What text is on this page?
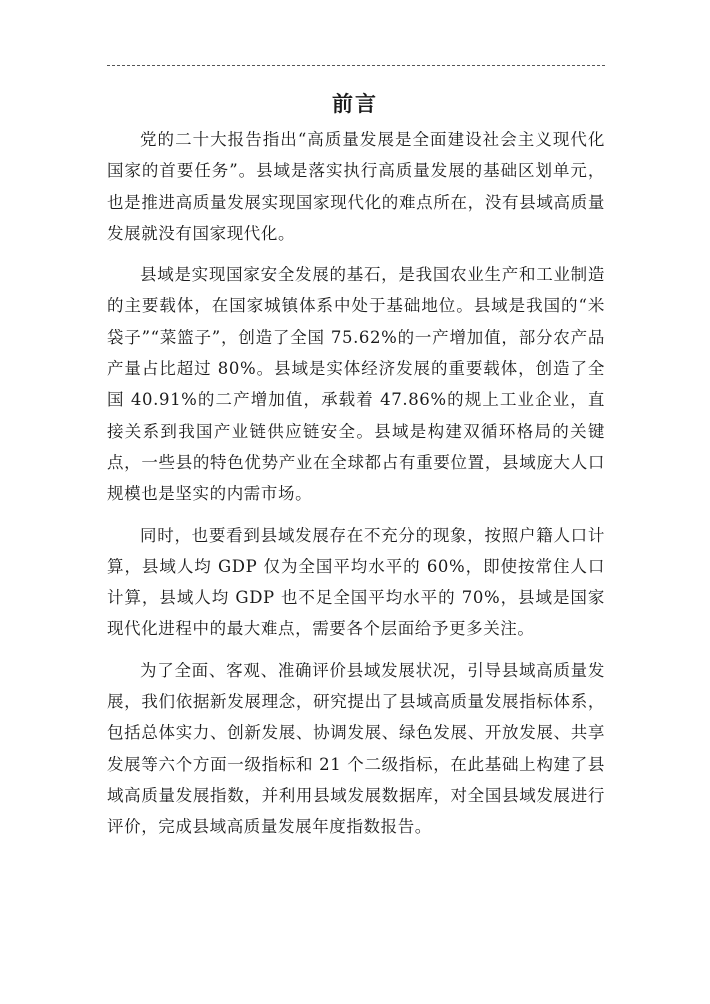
前言

党的二十大报告指出“高质量发展是全面建设社会主义现代化国家的首要任务”。县域是落实执行高质量发展的基础区划单元，也是推进高质量发展实现国家现代化的难点所在，没有县域高质量发展就没有国家现代化。

县域是实现国家安全发展的基石，是我国农业生产和工业制造的主要载体，在国家城镇体系中处于基础地位。县域是我国的“米袋子”“菜篮子”，创造了全国 75.62%的一产增加值，部分农产品产量占比超过 80%。县域是实体经济发展的重要载体，创造了全国 40.91%的二产增加值，承载着 47.86%的规上工业企业，直接关系到我国产业链供应链安全。县域是构建双循环格局的关键点，一些县的特色优势产业在全球都占有重要位置，县域庞大人口规模也是坚实的内需市场。

同时，也要看到县域发展存在不充分的现象，按照户籍人口计算，县域人均 GDP 仅为全国平均水平的 60%，即使按常住人口计算，县域人均 GDP 也不足全国平均水平的 70%，县域是国家现代化进程中的最大难点，需要各个层面给予更多关注。

为了全面、客观、准确评价县域发展状况，引导县域高质量发展，我们依据新发展理念，研究提出了县域高质量发展指标体系，包括总体实力、创新发展、协调发展、绿色发展、开放发展、共享发展等六个方面一级指标和 21 个二级指标，在此基础上构建了县域高质量发展指数，并利用县域发展数据库，对全国县域发展进行评价，完成县域高质量发展年度指数报告。
